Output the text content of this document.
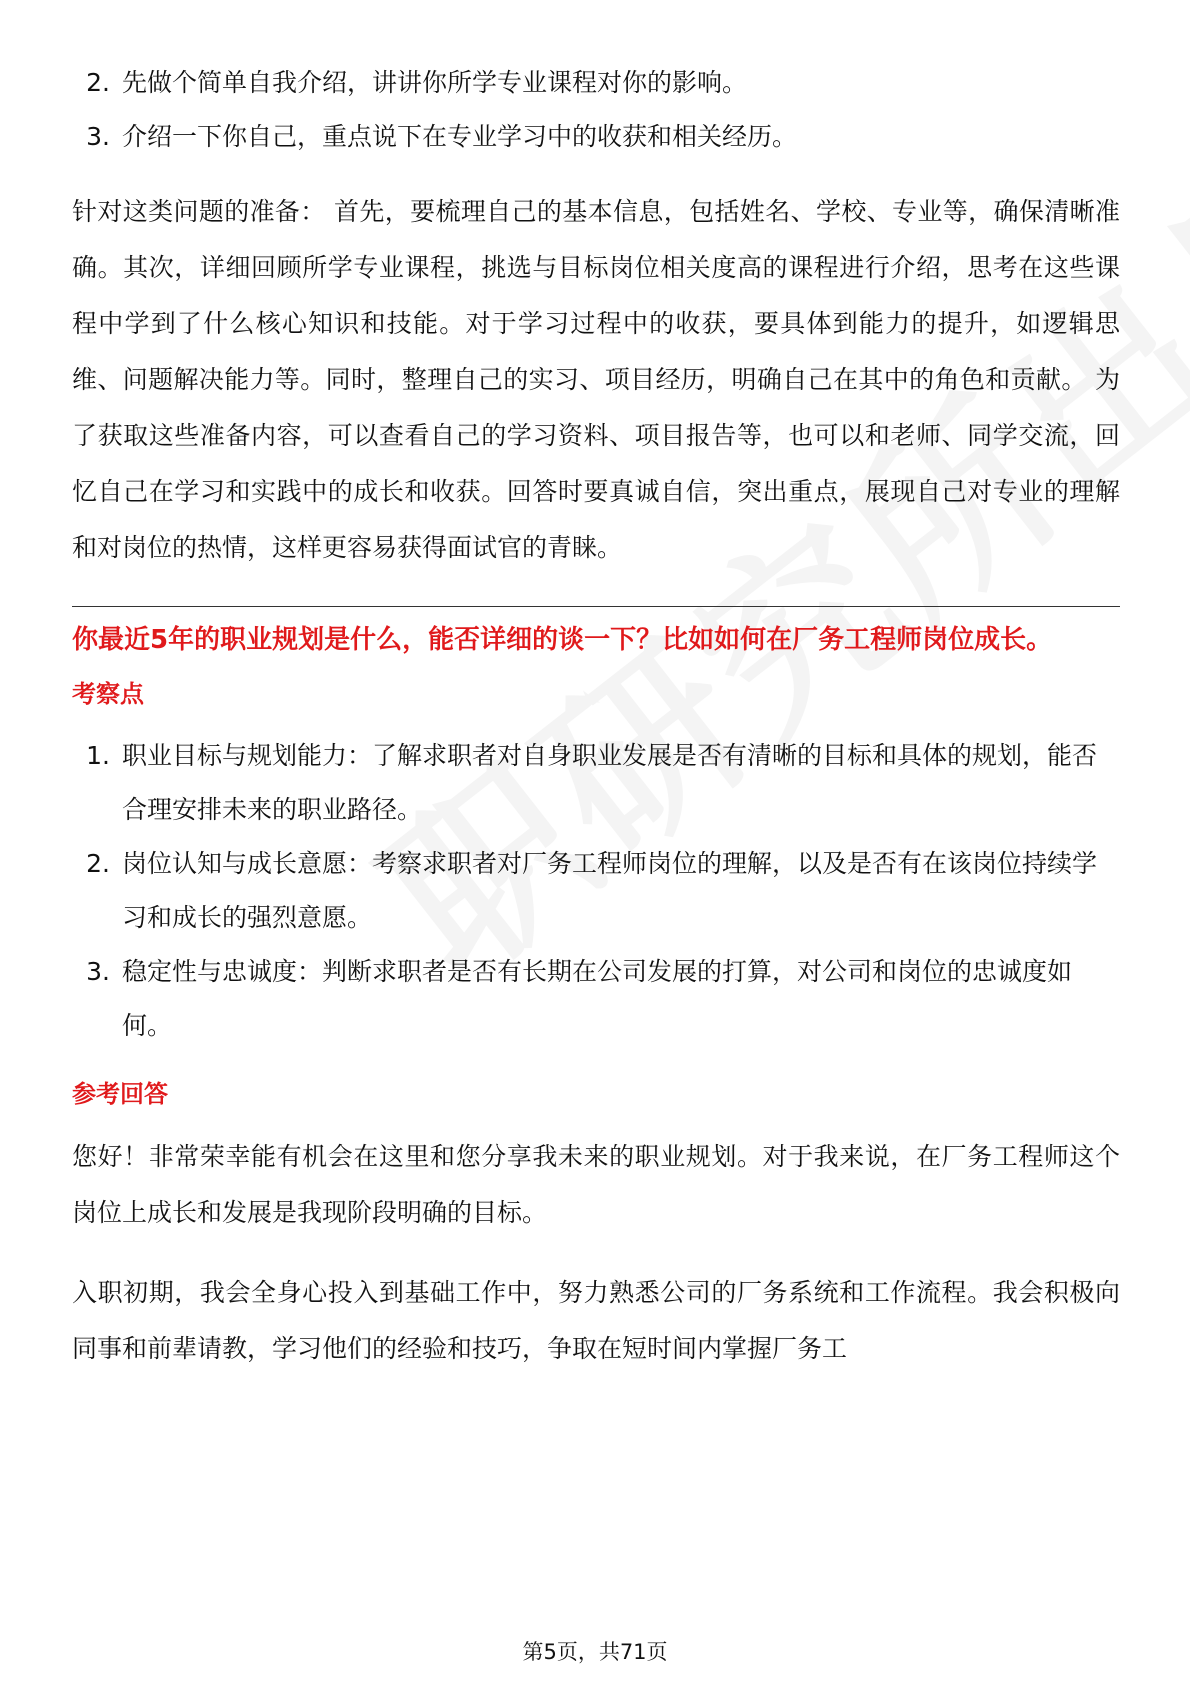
2. 先做个简单自我介绍，讲讲你所学专业课程对你的影响。
3. 介绍一下你自己，重点说下在专业学习中的收获和相关经历。

针对这类问题的准备： 首先，要梳理自己的基本信息，包括姓名、学校、专业等，确保清晰准确。其次，详细回顾所学专业课程，挑选与目标岗位相关度高的课程进行介绍，思考在这些课程中学到了什么核心知识和技能。对于学习过程中的收获，要具体到能力的提升，如逻辑思维、问题解决能力等。同时，整理自己的实习、项目经历，明确自己在其中的角色和贡献。 为了获取这些准备内容，可以查看自己的学习资料、项目报告等，也可以和老师、同学交流，回忆自己在学习和实践中的成长和收获。回答时要真诚自信，突出重点，展现自己对专业的理解和对岗位的热情，这样更容易获得面试官的青睐。

你最近5年的职业规划是什么，能否详细的谈一下？比如如何在厂务工程师岗位成长。

考察点

1. 职业目标与规划能力：了解求职者对自身职业发展是否有清晰的目标和具体的规划，能否合理安排未来的职业路径。
2. 岗位认知与成长意愿：考察求职者对厂务工程师岗位的理解，以及是否有在该岗位持续学习和成长的强烈意愿。
3. 稳定性与忠诚度：判断求职者是否有长期在公司发展的打算，对公司和岗位的忠诚度如何。

参考回答

您好！非常荣幸能有机会在这里和您分享我未来的职业规划。对于我来说，在厂务工程师这个岗位上成长和发展是我现阶段明确的目标。

入职初期，我会全身心投入到基础工作中，努力熟悉公司的厂务系统和工作流程。我会积极向同事和前辈请教，学习他们的经验和技巧，争取在短时间内掌握厂务工

第5页，共71页
